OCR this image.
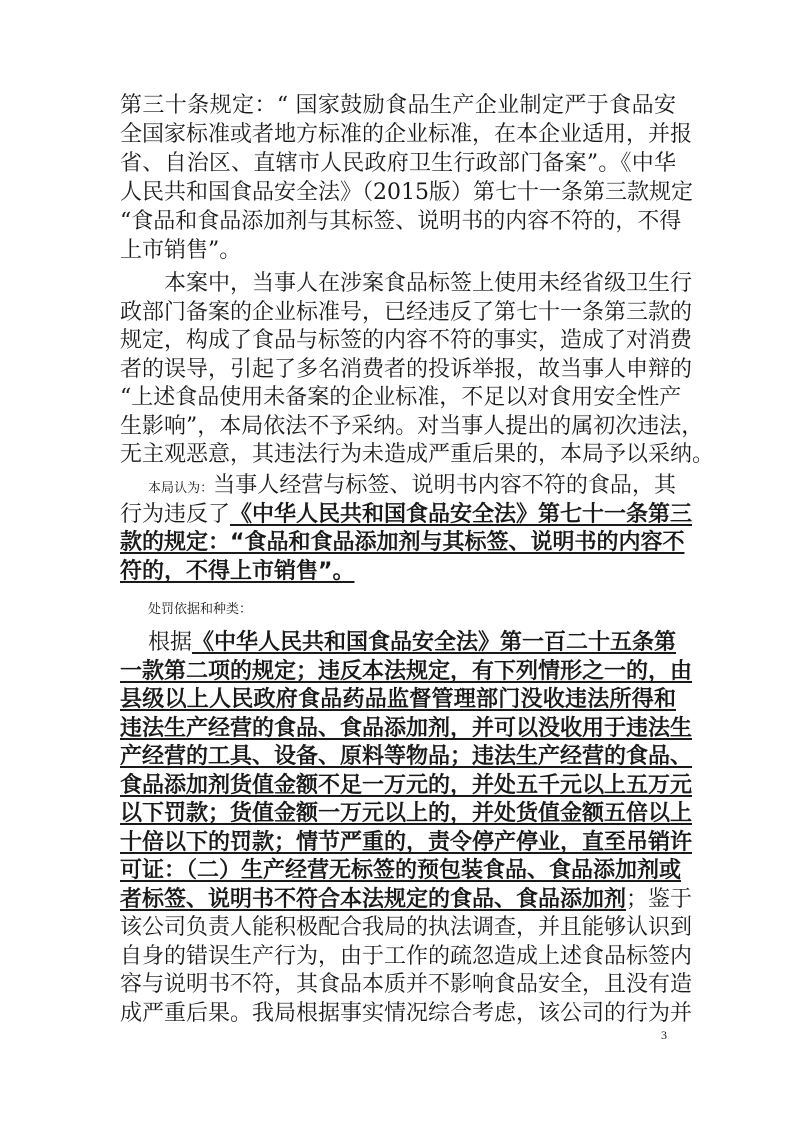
第三十条规定：“ 国家鼓励食品生产企业制定严于食品安
全国家标准或者地方标准的企业标准，在本企业适用，并报
省、自治区、直辖市人民政府卫生行政部门备案”。《中华
人民共和国食品安全法》（2015版）第七十一条第三款规定
“食品和食品添加剂与其标签、说明书的内容不符的，不得
上市销售”。
本案中，当事人在涉案食品标签上使用未经省级卫生行
政部门备案的企业标准号，已经违反了第七十一条第三款的
规定，构成了食品与标签的内容不符的事实，造成了对消费
者的误导，引起了多名消费者的投诉举报，故当事人申辩的
“上述食品使用未备案的企业标准，不足以对食用安全性产
生影响”，本局依法不予采纳。对当事人提出的属初次违法，
无主观恶意，其违法行为未造成严重后果的，本局予以采纳。
本局认为：当事人经营与标签、说明书内容不符的食品，其
行为违反了《中华人民共和国食品安全法》第七十一条第三
款的规定：“食品和食品添加剂与其标签、说明书的内容不
符的，不得上市销售”。
处罚依据和种类：
根据《中华人民共和国食品安全法》第一百二十五条第
一款第二项的规定；违反本法规定，有下列情形之一的，由
县级以上人民政府食品药品监督管理部门没收违法所得和
违法生产经营的食品、食品添加剂，并可以没收用于违法生
产经营的工具、设备、原料等物品；违法生产经营的食品、
食品添加剂货值金额不足一万元的，并处五千元以上五万元
以下罚款；货值金额一万元以上的，并处货值金额五倍以上
十倍以下的罚款；情节严重的，责令停产停业，直至吊销许
可证：（二）生产经营无标签的预包装食品、食品添加剂或
者标签、说明书不符合本法规定的食品、食品添加剂；鉴于
该公司负责人能积极配合我局的执法调查，并且能够认识到
自身的错误生产行为，由于工作的疏忽造成上述食品标签内
容与说明书不符，其食品本质并不影响食品安全，且没有造
成严重后果。我局根据事实情况综合考虑，该公司的行为并
3
